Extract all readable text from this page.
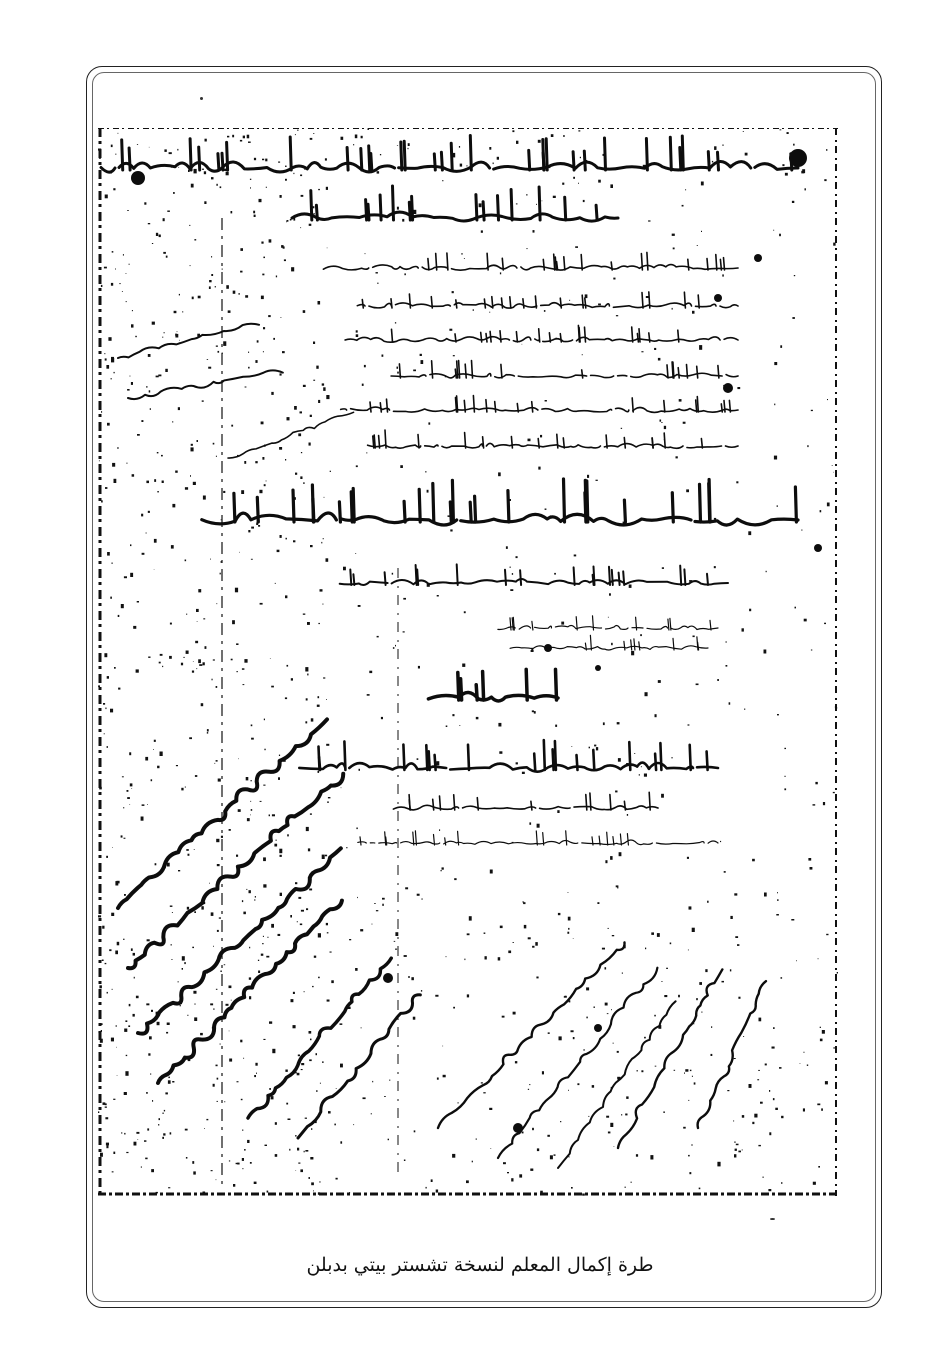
طرة إكمال المعلم لنسخة تشستر بيتي بدبلن
